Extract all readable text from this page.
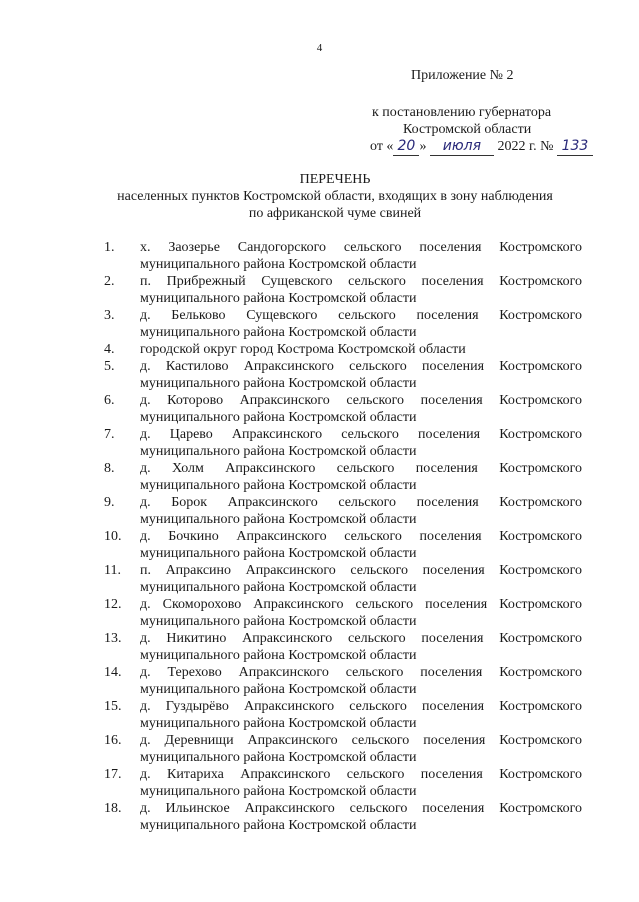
4
Приложение № 2
к постановлению губернатора
Костромской области
от « 20 » июля 2022 г. № 133
ПЕРЕЧЕНЬ
населенных пунктов Костромской области, входящих в зону наблюдения
по африканской чуме свиней
1.	х. Заозерье Сандогорского сельского поселения Костромского
муниципального района Костромской области
2.	п. Прибрежный Сущевского сельского поселения Костромского
муниципального района Костромской области
3.	д. Бельково Сущевского сельского поселения Костромского
муниципального района Костромской области
4.	городской округ город Кострома Костромской области
5.	д. Кастилово Апраксинского сельского поселения Костромского
муниципального района Костромской области
6.	д. Которово Апраксинского сельского поселения Костромского
муниципального района Костромской области
7.	д. Царево Апраксинского сельского поселения Костромского
муниципального района Костромской области
8.	д. Холм Апраксинского сельского поселения Костромского
муниципального района Костромской области
9.	д. Борок Апраксинского сельского поселения Костромского
муниципального района Костромской области
10.	д. Бочкино Апраксинского сельского поселения Костромского
муниципального района Костромской области
11.	п. Апраксино Апраксинского сельского поселения Костромского
муниципального района Костромской области
12.	д. Скоморохово Апраксинского сельского поселения Костромского
муниципального района Костромской области
13.	д. Никитино Апраксинского сельского поселения Костромского
муниципального района Костромской области
14.	д. Терехово Апраксинского сельского поселения Костромского
муниципального района Костромской области
15.	д. Гуздырёво Апраксинского сельского поселения Костромского
муниципального района Костромской области
16.	д. Деревнищи Апраксинского сельского поселения Костромского
муниципального района Костромской области
17.	д. Китариха Апраксинского сельского поселения Костромского
муниципального района Костромской области
18.	д. Ильинское Апраксинского сельского поселения Костромского
муниципального района Костромской области
